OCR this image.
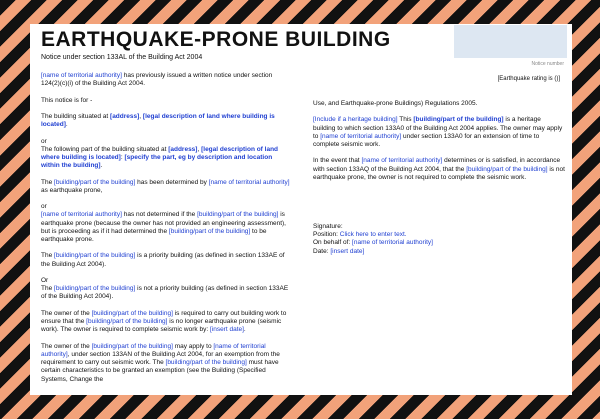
EARTHQUAKE-PRONE BUILDING
Notice under section 133AL of the Building Act 2004
Notice number
[Earthquake rating is ()]

[name of territorial authority] has previously issued a written notice under section 124(2)(c)(i) of the Building Act 2004.

This notice is for -

The building situated at [address], [legal description of land where building is located].

or

The following part of the building situated at [address], [legal description of land where building is located]: [specify the part, eg by description and location within the building].

The [building/part of the building] has been determined by [name of territorial authority] as earthquake prone,

or

[name of territorial authority] has not determined if the [building/part of the building] is earthquake prone (because the owner has not provided an engineering assessment), but is proceeding as if it had determined the [building/part of the building] to be earthquake prone.

The [building/part of the building] is a priority building (as defined in section 133AE of the Building Act 2004).

Or

The [building/part of the building] is not a priority building (as defined in section 133AE of the Building Act 2004).

The owner of the [building/part of the building] is required to carry out building work to ensure that the [building/part of the building] is no longer earthquake prone (seismic work). The owner is required to complete seismic work by: [insert date].

The owner of the [building/part of the building] may apply to [name of territorial authority], under section 133AN of the Building Act 2004, for an exemption from the requirement to carry out seismic work. The [building/part of the building] must have certain characteristics to be granted an exemption (see the Building (Specified Systems, Change the

Use, and Earthquake-prone Buildings) Regulations 2005.

[Include if a heritage building] This [building/part of the building] is a heritage building to which section 133A0 of the Building Act 2004 applies. The owner may apply to [name of territorial authority] under section 133A0 for an extension of time to complete seismic work.

In the event that [name of territorial authority] determines or is satisfied, in accordance with section 133AQ of the Building Act 2004, that the [building/part of the building] is not earthquake prone, the owner is not required to complete the seismic work.

Signature:
Position: Click here to enter text.
On behalf of: [name of territorial authority]
Date: [insert date]
